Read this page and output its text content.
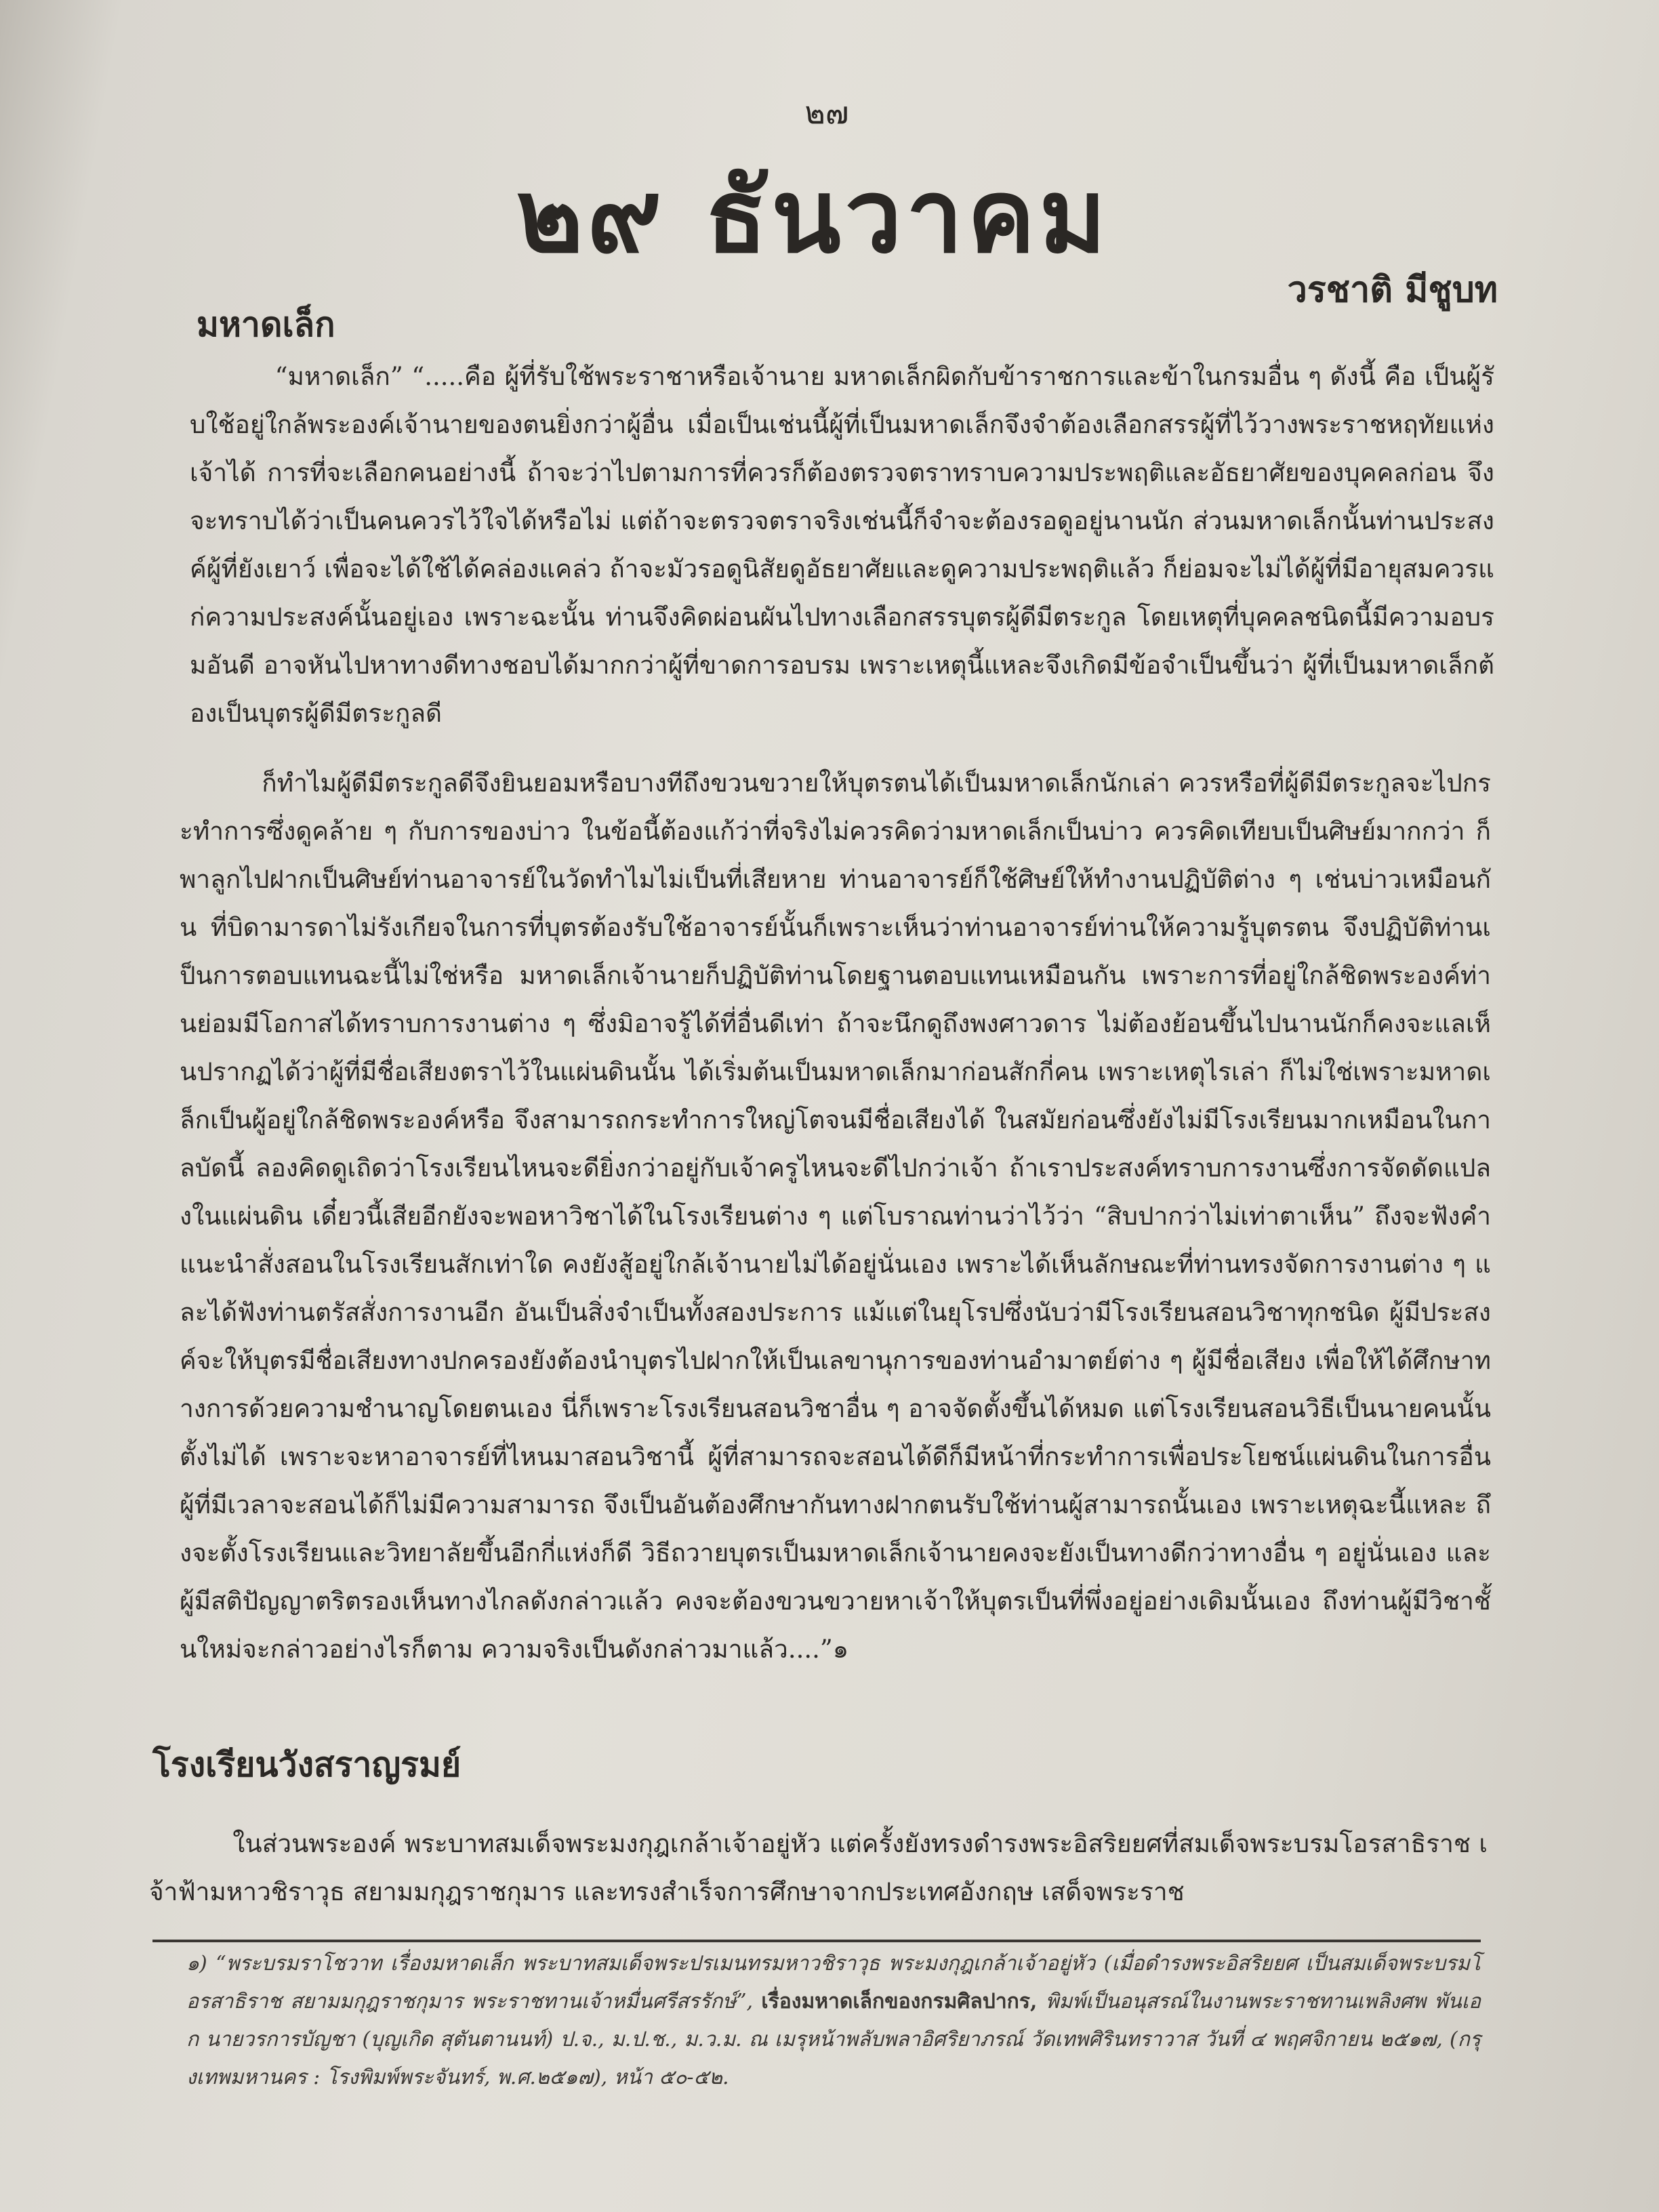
๒๗
๒๙ ธันวาคม
วรชาติ มีชูบท
มหาดเล็ก
“มหาดเล็ก” “.....คือ ผู้ที่รับใช้พระราชาหรือเจ้านาย มหาดเล็กผิดกับข้าราชการและข้าในกรมอื่น ๆ ดังนี้ คือ เป็นผู้รับใช้อยู่ใกล้พระองค์เจ้านายของตนยิ่งกว่าผู้อื่น เมื่อเป็นเช่นนี้ผู้ที่เป็นมหาดเล็กจึงจำต้องเลือกสรรผู้ที่ไว้วางพระราชหฤทัยแห่งเจ้าได้ การที่จะเลือกคนอย่างนี้ ถ้าจะว่าไปตามการที่ควรก็ต้องตรวจตราทราบความประพฤติและอัธยาศัยของบุคคลก่อน จึงจะทราบได้ว่าเป็นคนควรไว้ใจได้หรือไม่ แต่ถ้าจะตรวจตราจริงเช่นนี้ก็จำจะต้องรอดูอยู่นานนัก ส่วนมหาดเล็กนั้นท่านประสงค์ผู้ที่ยังเยาว์ เพื่อจะได้ใช้ได้คล่องแคล่ว ถ้าจะมัวรอดูนิสัยดูอัธยาศัยและดูความประพฤติแล้ว ก็ย่อมจะไม่ได้ผู้ที่มีอายุสมควรแก่ความประสงค์นั้นอยู่เอง เพราะฉะนั้น ท่านจึงคิดผ่อนผันไปทางเลือกสรรบุตรผู้ดีมีตระกูล โดยเหตุที่บุคคลชนิดนี้มีความอบรมอันดี อาจหันไปหาทางดีทางชอบได้มากกว่าผู้ที่ขาดการอบรม เพราะเหตุนี้แหละจึงเกิดมีข้อจำเป็นขึ้นว่า ผู้ที่เป็นมหาดเล็กต้องเป็นบุตรผู้ดีมีตระกูลดี
ก็ทำไมผู้ดีมีตระกูลดีจึงยินยอมหรือบางทีถึงขวนขวายให้บุตรตนได้เป็นมหาดเล็กนักเล่า ควรหรือที่ผู้ดีมีตระกูลจะไปกระทำการซึ่งดูคล้าย ๆ กับการของบ่าว ในข้อนี้ต้องแก้ว่าที่จริงไม่ควรคิดว่ามหาดเล็กเป็นบ่าว ควรคิดเทียบเป็นศิษย์มากกว่า ก็พาลูกไปฝากเป็นศิษย์ท่านอาจารย์ในวัดทำไมไม่เป็นที่เสียหาย ท่านอาจารย์ก็ใช้ศิษย์ให้ทำงานปฏิบัติต่าง ๆ เช่นบ่าวเหมือนกัน ที่บิดามารดาไม่รังเกียจในการที่บุตรต้องรับใช้อาจารย์นั้นก็เพราะเห็นว่าท่านอาจารย์ท่านให้ความรู้บุตรตน จึงปฏิบัติท่านเป็นการตอบแทนฉะนี้ไม่ใช่หรือ มหาดเล็กเจ้านายก็ปฏิบัติท่านโดยฐานตอบแทนเหมือนกัน เพราะการที่อยู่ใกล้ชิดพระองค์ท่านย่อมมีโอกาสได้ทราบการงานต่าง ๆ ซึ่งมิอาจรู้ได้ที่อื่นดีเท่า ถ้าจะนึกดูถึงพงศาวดาร ไม่ต้องย้อนขึ้นไปนานนักก็คงจะแลเห็นปรากฏได้ว่าผู้ที่มีชื่อเสียงตราไว้ในแผ่นดินนั้น ได้เริ่มต้นเป็นมหาดเล็กมาก่อนสักกี่คน เพราะเหตุไรเล่า ก็ไม่ใช่เพราะมหาดเล็กเป็นผู้อยู่ใกล้ชิดพระองค์หรือ จึงสามารถกระทำการใหญ่โตจนมีชื่อเสียงได้ ในสมัยก่อนซึ่งยังไม่มีโรงเรียนมากเหมือนในกาลบัดนี้ ลองคิดดูเถิดว่าโรงเรียนไหนจะดียิ่งกว่าอยู่กับเจ้าครูไหนจะดีไปกว่าเจ้า ถ้าเราประสงค์ทราบการงานซึ่งการจัดดัดแปลงในแผ่นดิน เดี๋ยวนี้เสียอีกยังจะพอหาวิชาได้ในโรงเรียนต่าง ๆ แต่โบราณท่านว่าไว้ว่า “สิบปากว่าไม่เท่าตาเห็น” ถึงจะฟังคำแนะนำสั่งสอนในโรงเรียนสักเท่าใด คงยังสู้อยู่ใกล้เจ้านายไม่ได้อยู่นั่นเอง เพราะได้เห็นลักษณะที่ท่านทรงจัดการงานต่าง ๆ และได้ฟังท่านตรัสสั่งการงานอีก อันเป็นสิ่งจำเป็นทั้งสองประการ แม้แต่ในยุโรปซึ่งนับว่ามีโรงเรียนสอนวิชาทุกชนิด ผู้มีประสงค์จะให้บุตรมีชื่อเสียงทางปกครองยังต้องนำบุตรไปฝากให้เป็นเลขานุการของท่านอำมาตย์ต่าง ๆ ผู้มีชื่อเสียง เพื่อให้ได้ศึกษาทางการด้วยความชำนาญโดยตนเอง นี่ก็เพราะโรงเรียนสอนวิชาอื่น ๆ อาจจัดตั้งขึ้นได้หมด แต่โรงเรียนสอนวิธีเป็นนายคนนั้นตั้งไม่ได้ เพราะจะหาอาจารย์ที่ไหนมาสอนวิชานี้ ผู้ที่สามารถจะสอนได้ดีก็มีหน้าที่กระทำการเพื่อประโยชน์แผ่นดินในการอื่น ผู้ที่มีเวลาจะสอนได้ก็ไม่มีความสามารถ จึงเป็นอันต้องศึกษากันทางฝากตนรับใช้ท่านผู้สามารถนั้นเอง เพราะเหตุฉะนี้แหละ ถึงจะตั้งโรงเรียนและวิทยาลัยขึ้นอีกกี่แห่งก็ดี วิธีถวายบุตรเป็นมหาดเล็กเจ้านายคงจะยังเป็นทางดีกว่าทางอื่น ๆ อยู่นั่นเอง และผู้มีสติปัญญาตริตรองเห็นทางไกลดังกล่าวแล้ว คงจะต้องขวนขวายหาเจ้าให้บุตรเป็นที่พึ่งอยู่อย่างเดิมนั้นเอง ถึงท่านผู้มีวิชาชั้นใหม่จะกล่าวอย่างไรก็ตาม ความจริงเป็นดังกล่าวมาแล้ว....”๑
โรงเรียนวังสราญรมย์
ในส่วนพระองค์ พระบาทสมเด็จพระมงกุฎเกล้าเจ้าอยู่หัว แต่ครั้งยังทรงดำรงพระอิสริยยศที่สมเด็จพระบรมโอรสาธิราช เจ้าฟ้ามหาวชิราวุธ สยามมกุฎราชกุมาร และทรงสำเร็จการศึกษาจากประเทศอังกฤษ เสด็จพระราช
๑) “พระบรมราโชวาท เรื่องมหาดเล็ก พระบาทสมเด็จพระปรเมนทรมหาวชิราวุธ พระมงกุฎเกล้าเจ้าอยู่หัว (เมื่อดำรงพระอิสริยยศ เป็นสมเด็จพระบรมโอรสาธิราช สยามมกุฎราชกุมาร พระราชทานเจ้าหมื่นศรีสรรักษ์”, เรื่องมหาดเล็กของกรมศิลปากร, พิมพ์เป็นอนุสรณ์ในงานพระราชทานเพลิงศพ พันเอก นายวรการบัญชา (บุญเกิด สุตันตานนท์) ป.จ., ม.ป.ช., ม.ว.ม. ณ เมรุหน้าพลับพลาอิศริยาภรณ์ วัดเทพศิรินทราวาส วันที่ ๔ พฤศจิกายน ๒๕๑๗, (กรุงเทพมหานคร : โรงพิมพ์พระจันทร์, พ.ศ.๒๕๑๗), หน้า ๕๐-๕๒.
